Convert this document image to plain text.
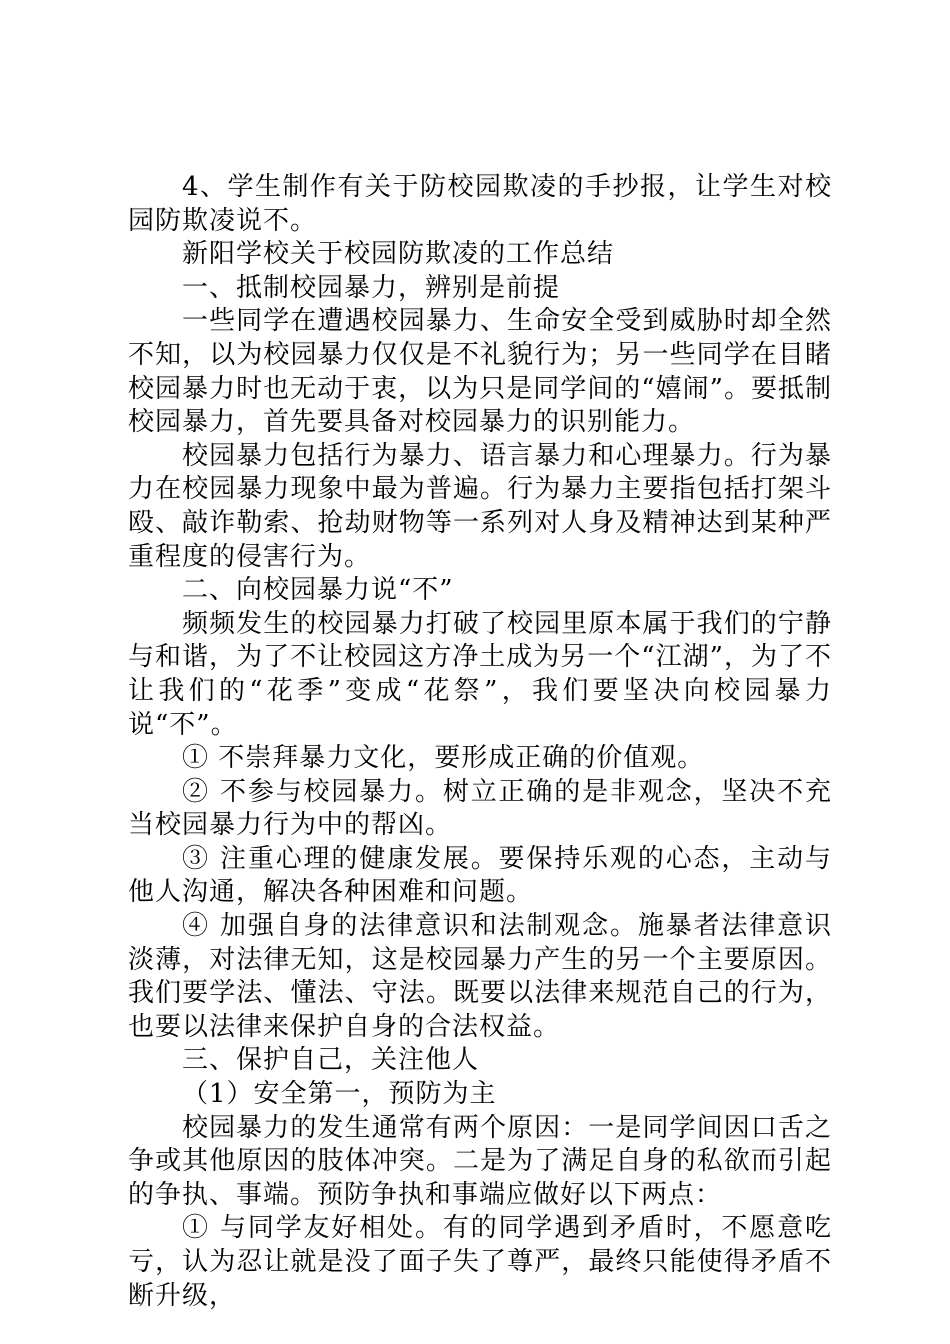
4、学生制作有关于防校园欺凌的手抄报，让学生对校园防欺凌说不。

新阳学校关于校园防欺凌的工作总结

一、抵制校园暴力，辨别是前提

一些同学在遭遇校园暴力、生命安全受到威胁时却全然不知，以为校园暴力仅仅是不礼貌行为；另一些同学在目睹校园暴力时也无动于衷，以为只是同学间的“嬉闹”。要抵制校园暴力，首先要具备对校园暴力的识别能力。

校园暴力包括行为暴力、语言暴力和心理暴力。行为暴力在校园暴力现象中最为普遍。行为暴力主要指包括打架斗殴、敲诈勒索、抢劫财物等一系列对人身及精神达到某种严重程度的侵害行为。

二、向校园暴力说“不”

频频发生的校园暴力打破了校园里原本属于我们的宁静与和谐，为了不让校园这方净土成为另一个“江湖”，为了不让我们的“花季”变成“花祭”，我们要坚决向校园暴力说“不”。

① 不崇拜暴力文化，要形成正确的价值观。

② 不参与校园暴力。树立正确的是非观念，坚决不充当校园暴力行为中的帮凶。

③ 注重心理的健康发展。要保持乐观的心态，主动与他人沟通，解决各种困难和问题。

④ 加强自身的法律意识和法制观念。施暴者法律意识淡薄，对法律无知，这是校园暴力产生的另一个主要原因。我们要学法、懂法、守法。既要以法律来规范自己的行为，也要以法律来保护自身的合法权益。

三、保护自己，关注他人

（1）安全第一，预防为主

校园暴力的发生通常有两个原因：一是同学间因口舌之争或其他原因的肢体冲突。二是为了满足自身的私欲而引起的争执、事端。预防争执和事端应做好以下两点：

① 与同学友好相处。有的同学遇到矛盾时，不愿意吃亏，认为忍让就是没了面子失了尊严，最终只能使得矛盾不断升级，
